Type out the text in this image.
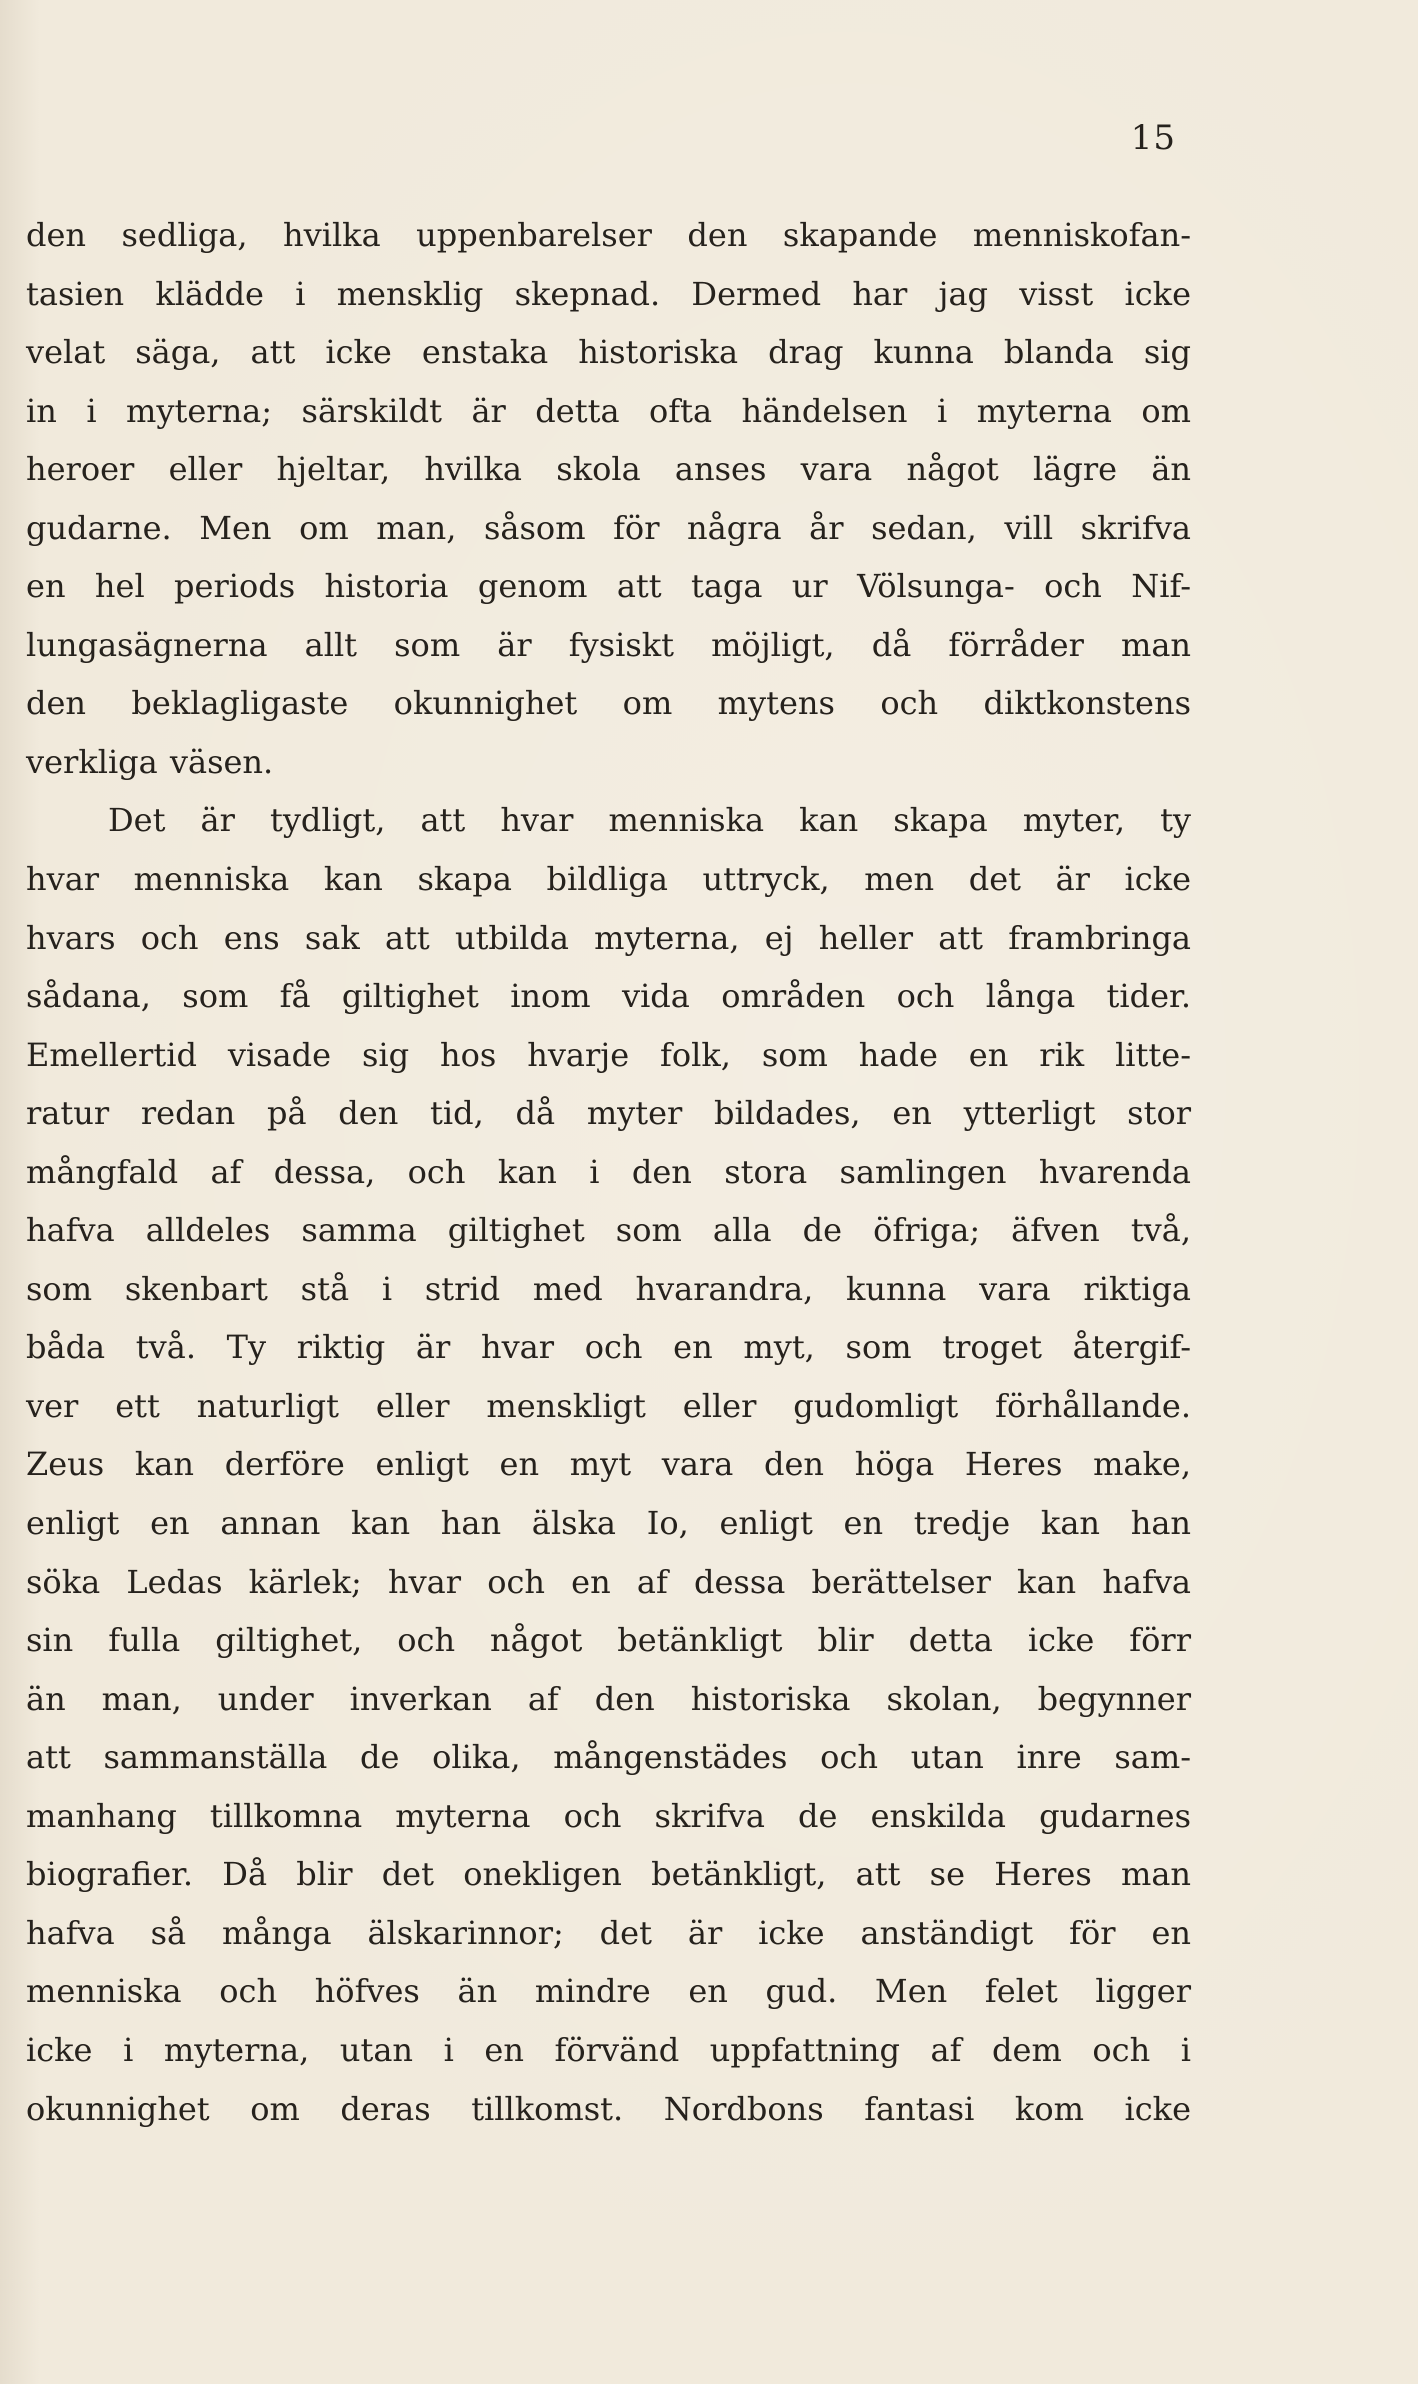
15
den sedliga, hvilka uppenbarelser den skapande menniskofan-
tasien klädde i mensklig skepnad. Dermed har jag visst icke
velat säga, att icke enstaka historiska drag kunna blanda sig
in i myterna; särskildt är detta ofta händelsen i myterna om
heroer eller hjeltar, hvilka skola anses vara något lägre än
gudarne. Men om man, såsom för några år sedan, vill skrifva
en hel periods historia genom att taga ur Völsunga- och Nif-
lungasägnerna allt som är fysiskt möjligt, då förråder man
den beklagligaste okunnighet om mytens och diktkonstens
verkliga väsen.
Det är tydligt, att hvar menniska kan skapa myter, ty
hvar menniska kan skapa bildliga uttryck, men det är icke
hvars och ens sak att utbilda myterna, ej heller att frambringa
sådana, som få giltighet inom vida områden och långa tider.
Emellertid visade sig hos hvarje folk, som hade en rik litte-
ratur redan på den tid, då myter bildades, en ytterligt stor
mångfald af dessa, och kan i den stora samlingen hvarenda
hafva alldeles samma giltighet som alla de öfriga; äfven två,
som skenbart stå i strid med hvarandra, kunna vara riktiga
båda två. Ty riktig är hvar och en myt, som troget återgif-
ver ett naturligt eller menskligt eller gudomligt förhållande.
Zeus kan derföre enligt en myt vara den höga Heres make,
enligt en annan kan han älska Io, enligt en tredje kan han
söka Ledas kärlek; hvar och en af dessa berättelser kan hafva
sin fulla giltighet, och något betänkligt blir detta icke förr
än man, under inverkan af den historiska skolan, begynner
att sammanställa de olika, mångenstädes och utan inre sam-
manhang tillkomna myterna och skrifva de enskilda gudarnes
biografier. Då blir det onekligen betänkligt, att se Heres man
hafva så många älskarinnor; det är icke anständigt för en
menniska och höfves än mindre en gud. Men felet ligger
icke i myterna, utan i en förvänd uppfattning af dem och i
okunnighet om deras tillkomst. Nordbons fantasi kom icke
